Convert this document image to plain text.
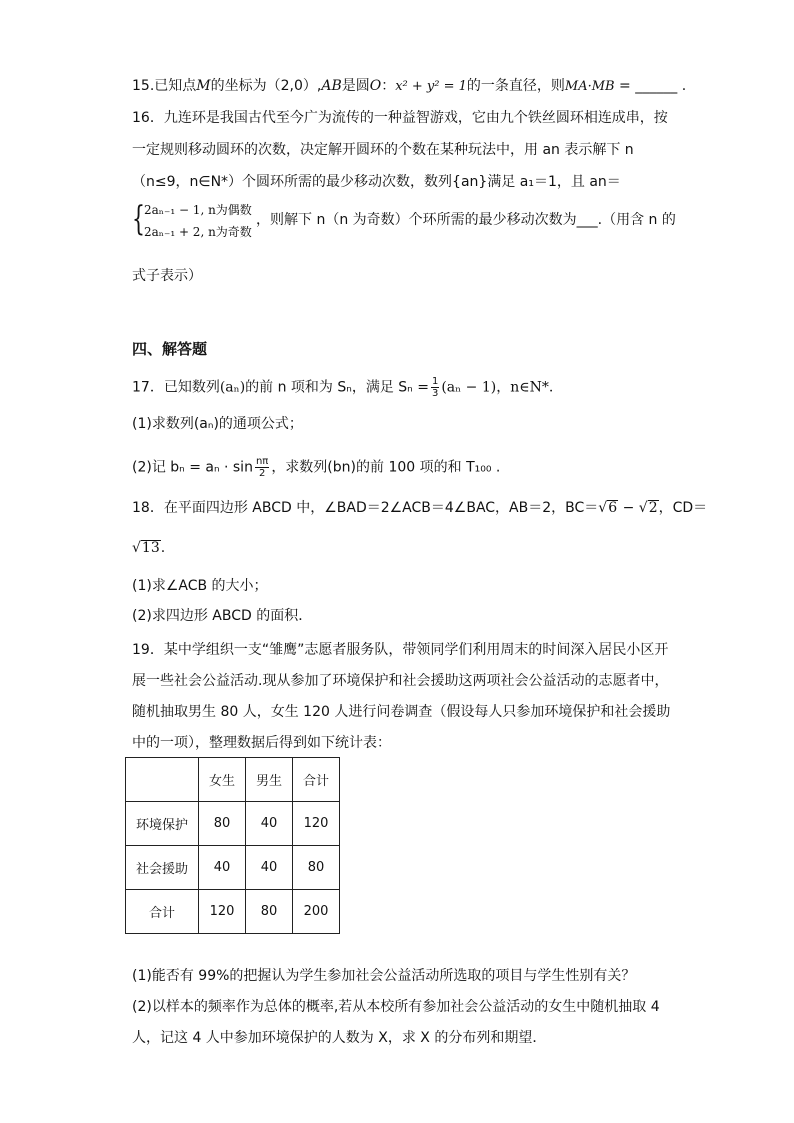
15.已知点M的坐标为（2,0）,AB是圆O：x² + y² = 1的一条直径，则MA·MB = ______ .
16．九连环是我国古代至今广为流传的一种益智游戏，它由九个铁丝圆环相连成串，按
一定规则移动圆环的次数，决定解开圆环的个数在某种玩法中，用 an 表示解下 n
（n≤9，n∈N*）个圆环所需的最少移动次数，数列{an}满足 a₁＝1，且 an＝
{ 2aₙ₋₁ − 1, n为偶数
2aₙ₋₁ + 2, n为奇数
，则解下 n（n 为奇数）个环所需的最少移动次数为___.（用含 n 的
式子表示）
四、解答题
17．已知数列(aₙ)的前 n 项和为 Sₙ，满足 $S_n = \frac{1}{3} (a_n - 1)$，n∈N*.
(1)求数列(aₙ)的通项公式；
(2)记 $b_n = a_n \cdot \sin \frac{n\pi}{2}$ ，求数列(bn)的前 100 项的和 T₁₀₀ .
18．在平面四边形 ABCD 中，∠BAD＝2∠ACB＝4∠BAC，AB＝2，BC＝√6 − √2，CD＝
√13.
(1)求∠ACB 的大小；
(2)求四边形 ABCD 的面积．
19．某中学组织一支“雏鹰”志愿者服务队，带领同学们利用周末的时间深入居民小区开
展一些社会公益活动.现从参加了环境保护和社会援助这两项社会公益活动的志愿者中，
随机抽取男生 80 人，女生 120 人进行问卷调查（假设每人只参加环境保护和社会援助
中的一项），整理数据后得到如下统计表：
	女生	男生	合计
环境保护	80	40	120
社会援助	40	40	80
合计	120	80	200
(1)能否有 99%的把握认为学生参加社会公益活动所选取的项目与学生性别有关？
(2)以样本的频率作为总体的概率,若从本校所有参加社会公益活动的女生中随机抽取 4
人，记这 4 人中参加环境保护的人数为 X，求 X 的分布列和期望．
